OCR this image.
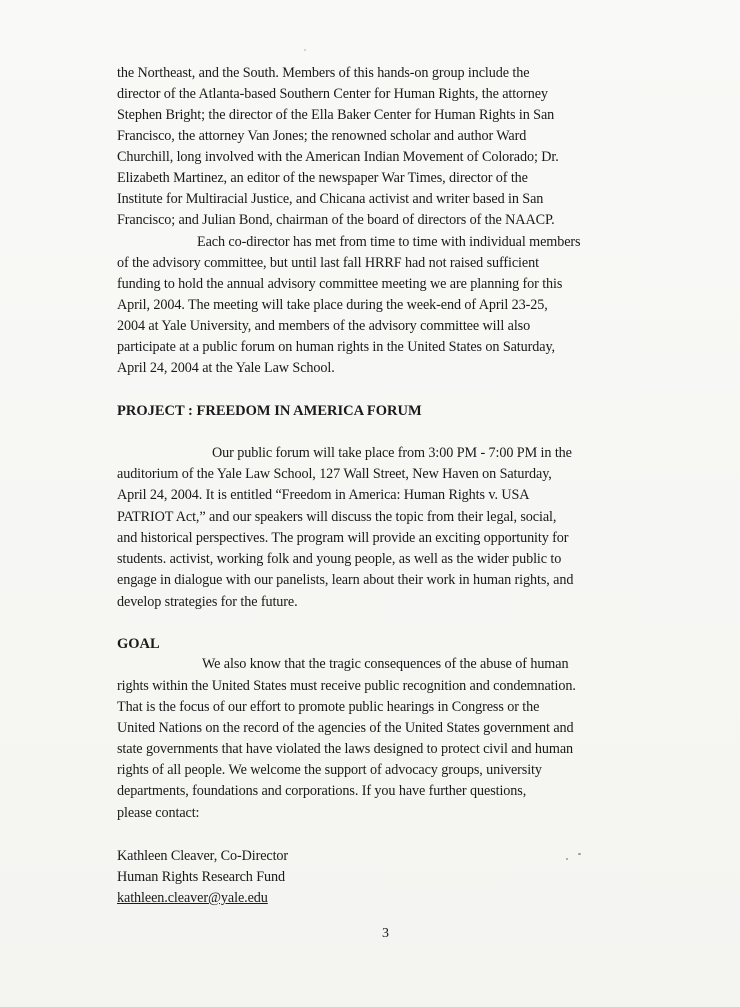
the Northeast, and the South. Members of this hands-on group include the
director of the Atlanta-based Southern Center for Human Rights, the attorney
Stephen Bright; the director of the Ella Baker Center for Human Rights in San
Francisco, the attorney Van Jones; the renowned scholar and author Ward
Churchill, long involved with the American Indian Movement of Colorado; Dr.
Elizabeth Martinez, an editor of the newspaper War Times, director of the
Institute for Multiracial Justice, and Chicana activist and writer based in San
Francisco; and Julian Bond, chairman of the board of directors of the NAACP.
Each co-director has met from time to time with individual members
of the advisory committee, but until last fall HRRF had not raised sufficient
funding to hold the annual advisory committee meeting we are planning for this
April, 2004. The meeting will take place during the week-end of April 23-25,
2004 at Yale University, and members of the advisory committee will also
participate at a public forum on human rights in the United States on Saturday,
April 24, 2004 at the Yale Law School.
PROJECT : FREEDOM IN AMERICA FORUM
Our public forum will take place from 3:00 PM - 7:00 PM in the
auditorium of the Yale Law School, 127 Wall Street, New Haven on Saturday,
April 24, 2004. It is entitled “Freedom in America: Human Rights v. USA
PATRIOT Act,” and our speakers will discuss the topic from their legal, social,
and historical perspectives. The program will provide an exciting opportunity for
students. activist, working folk and young people, as well as the wider public to
engage in dialogue with our panelists, learn about their work in human rights, and
develop strategies for the future.
GOAL
We also know that the tragic consequences of the abuse of human
rights within the United States must receive public recognition and condemnation.
That is the focus of our effort to promote public hearings in Congress or the
United Nations on the record of the agencies of the United States government and
state governments that have violated the laws designed to protect civil and human
rights of all people. We welcome the support of advocacy groups, university
departments, foundations and corporations. If you have further questions,
please contact:
Kathleen Cleaver, Co-Director
Human Rights Research Fund
kathleen.cleaver@yale.edu
3
